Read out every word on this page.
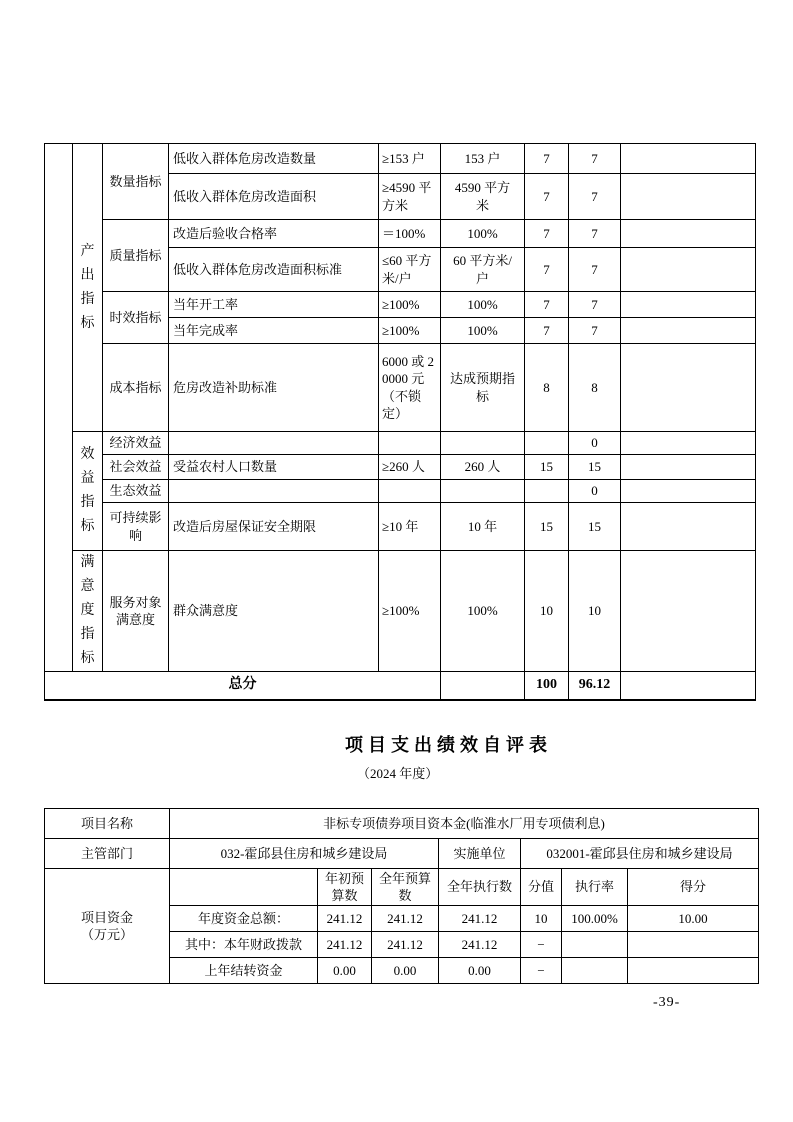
	产出指标	数量指标	低收入群体危房改造数量	≥153 户	153 户	7	7	
			低收入群体危房改造面积	≥4590 平方米	4590 平方米	7	7	
		质量指标	改造后验收合格率	＝100%	100%	7	7	
			低收入群体危房改造面积标准	≤60 平方米/户	60 平方米/户	7	7	
		时效指标	当年开工率	≥100%	100%	7	7	
			当年完成率	≥100%	100%	7	7	
		成本指标	危房改造补助标准	6000 或 20000 元（不锁定）	达成预期指标	8	8	
	效益指标	经济效益					0	
		社会效益	受益农村人口数量	≥260 人	260 人	15	15	
		生态效益					0	
		可持续影响	改造后房屋保证安全期限	≥10 年	10 年	15	15	
	满意度指标	服务对象满意度	群众满意度	≥100%	100%	10	10	
总分						100	96.12	
项目支出绩效自评表
（2024 年度）
项目名称	非标专项债券项目资本金(临淮水厂用专项债利息)						
主管部门	032-霍邱县住房和城乡建设局			实施单位	032001-霍邱县住房和城乡建设局		

项目资金
（万元）		年初预算数	全年预算数	全年执行数	分值	执行率	得分
	年度资金总额：	241.12	241.12	241.12	10	100.00%	10.00
	其中：本年财政拨款	241.12	241.12	241.12	−		
	上年结转资金	0.00	0.00	0.00	−		
-39-
